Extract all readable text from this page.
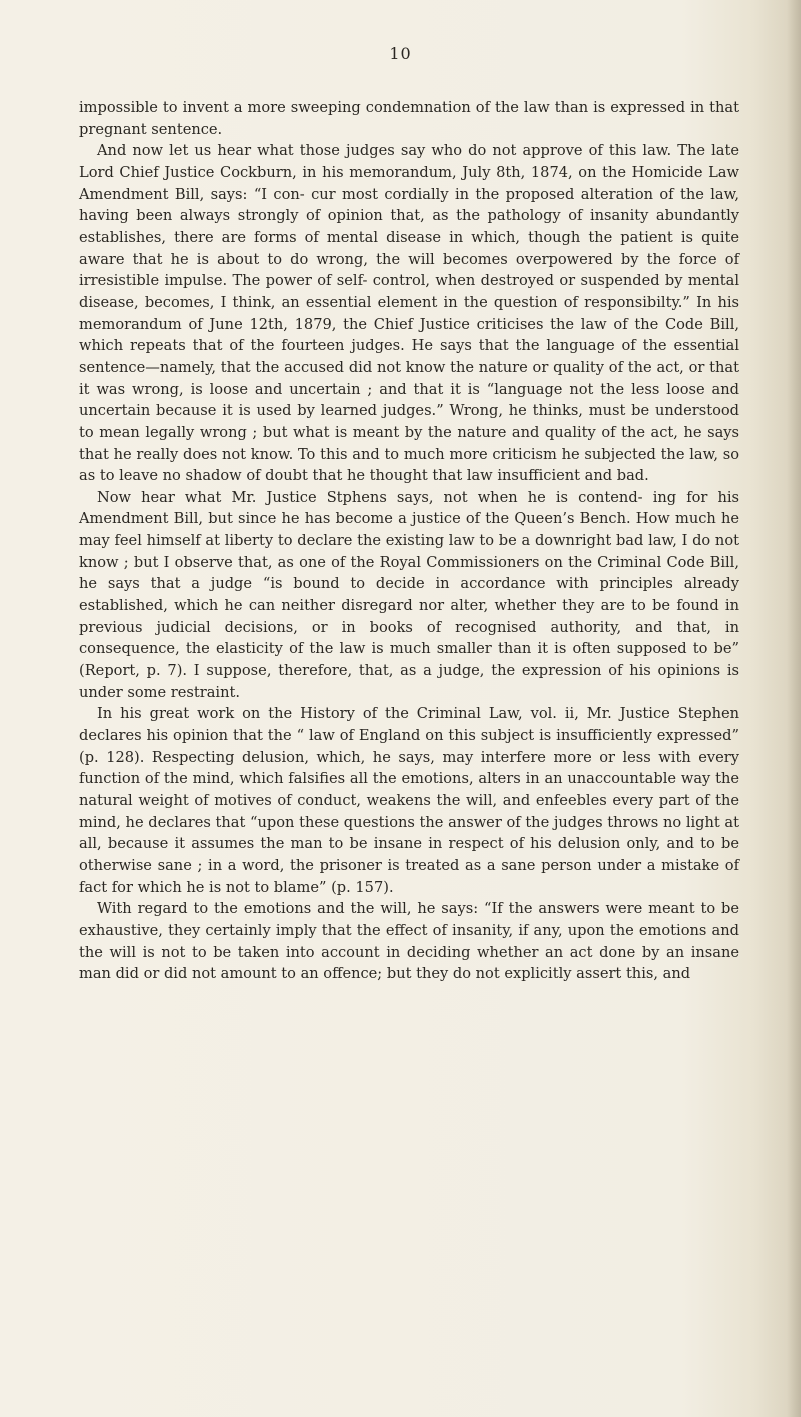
10

impossible to invent a more sweeping condemnation of the law than is expressed in that pregnant sentence.

And now let us hear what those judges say who do not approve of this law. The late Lord Chief Justice Cockburn, in his memorandum, July 8th, 1874, on the Homicide Law Amendment Bill, says: “I con- cur most cordially in the proposed alteration of the law, having been always strongly of opinion that, as the pathology of insanity abundantly establishes, there are forms of mental disease in which, though the patient is quite aware that he is about to do wrong, the will becomes overpowered by the force of irresistible impulse. The power of self- control, when destroyed or suspended by mental disease, becomes, I think, an essential element in the question of responsibilty.” In his memorandum of June 12th, 1879, the Chief Justice criticises the law of the Code Bill, which repeats that of the fourteen judges. He says that the language of the essential sentence—namely, that the accused did not know the nature or quality of the act, or that it was wrong, is loose and uncertain ; and that it is “language not the less loose and uncertain because it is used by learned judges.” Wrong, he thinks, must be understood to mean legally wrong ; but what is meant by the nature and quality of the act, he says that he really does not know. To this and to much more criticism he subjected the law, so as to leave no shadow of doubt that he thought that law insufficient and bad.

Now hear what Mr. Justice Stphens says, not when he is contend- ing for his Amendment Bill, but since he has become a justice of the Queen’s Bench. How much he may feel himself at liberty to declare the existing law to be a downright bad law, I do not know ; but I observe that, as one of the Royal Commissioners on the Criminal Code Bill, he says that a judge “is bound to decide in accordance with principles already established, which he can neither disregard nor alter, whether they are to be found in previous judicial decisions, or in books of recognised authority, and that, in consequence, the elasticity of the law is much smaller than it is often supposed to be” (Report, p. 7). I suppose, therefore, that, as a judge, the expression of his opinions is under some restraint.

In his great work on the History of the Criminal Law, vol. ii, Mr. Justice Stephen declares his opinion that the “ law of England on this subject is insufficiently expressed” (p. 128). Respecting delusion, which, he says, may interfere more or less with every function of the mind, which falsifies all the emotions, alters in an unaccountable way the natural weight of motives of conduct, weakens the will, and enfeebles every part of the mind, he declares that “upon these questions the answer of the judges throws no light at all, because it assumes the man to be insane in respect of his delusion only, and to be otherwise sane ; in a word, the prisoner is treated as a sane person under a mistake of fact for which he is not to blame” (p. 157).

With regard to the emotions and the will, he says: “If the answers were meant to be exhaustive, they certainly imply that the effect of insanity, if any, upon the emotions and the will is not to be taken into account in deciding whether an act done by an insane man did or did not amount to an offence; but they do not explicitly assert this, and
